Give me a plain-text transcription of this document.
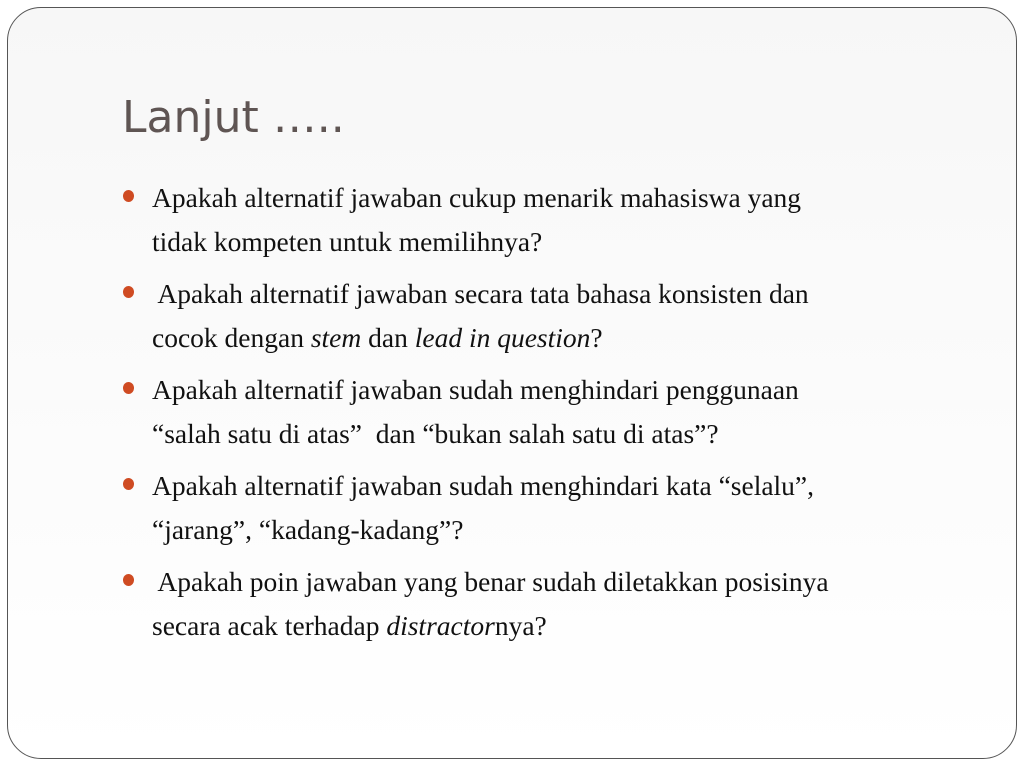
Lanjut …..
Apakah alternatif jawaban cukup menarik mahasiswa yang
tidak kompeten untuk memilihnya?
Apakah alternatif jawaban secara tata bahasa konsisten dan
cocok dengan stem dan lead in question?
Apakah alternatif jawaban sudah menghindari penggunaan
“salah satu di atas”  dan “bukan salah satu di atas”?
Apakah alternatif jawaban sudah menghindari kata “selalu”,
“jarang”, “kadang-kadang”?
Apakah poin jawaban yang benar sudah diletakkan posisinya
secara acak terhadap distractornya?
